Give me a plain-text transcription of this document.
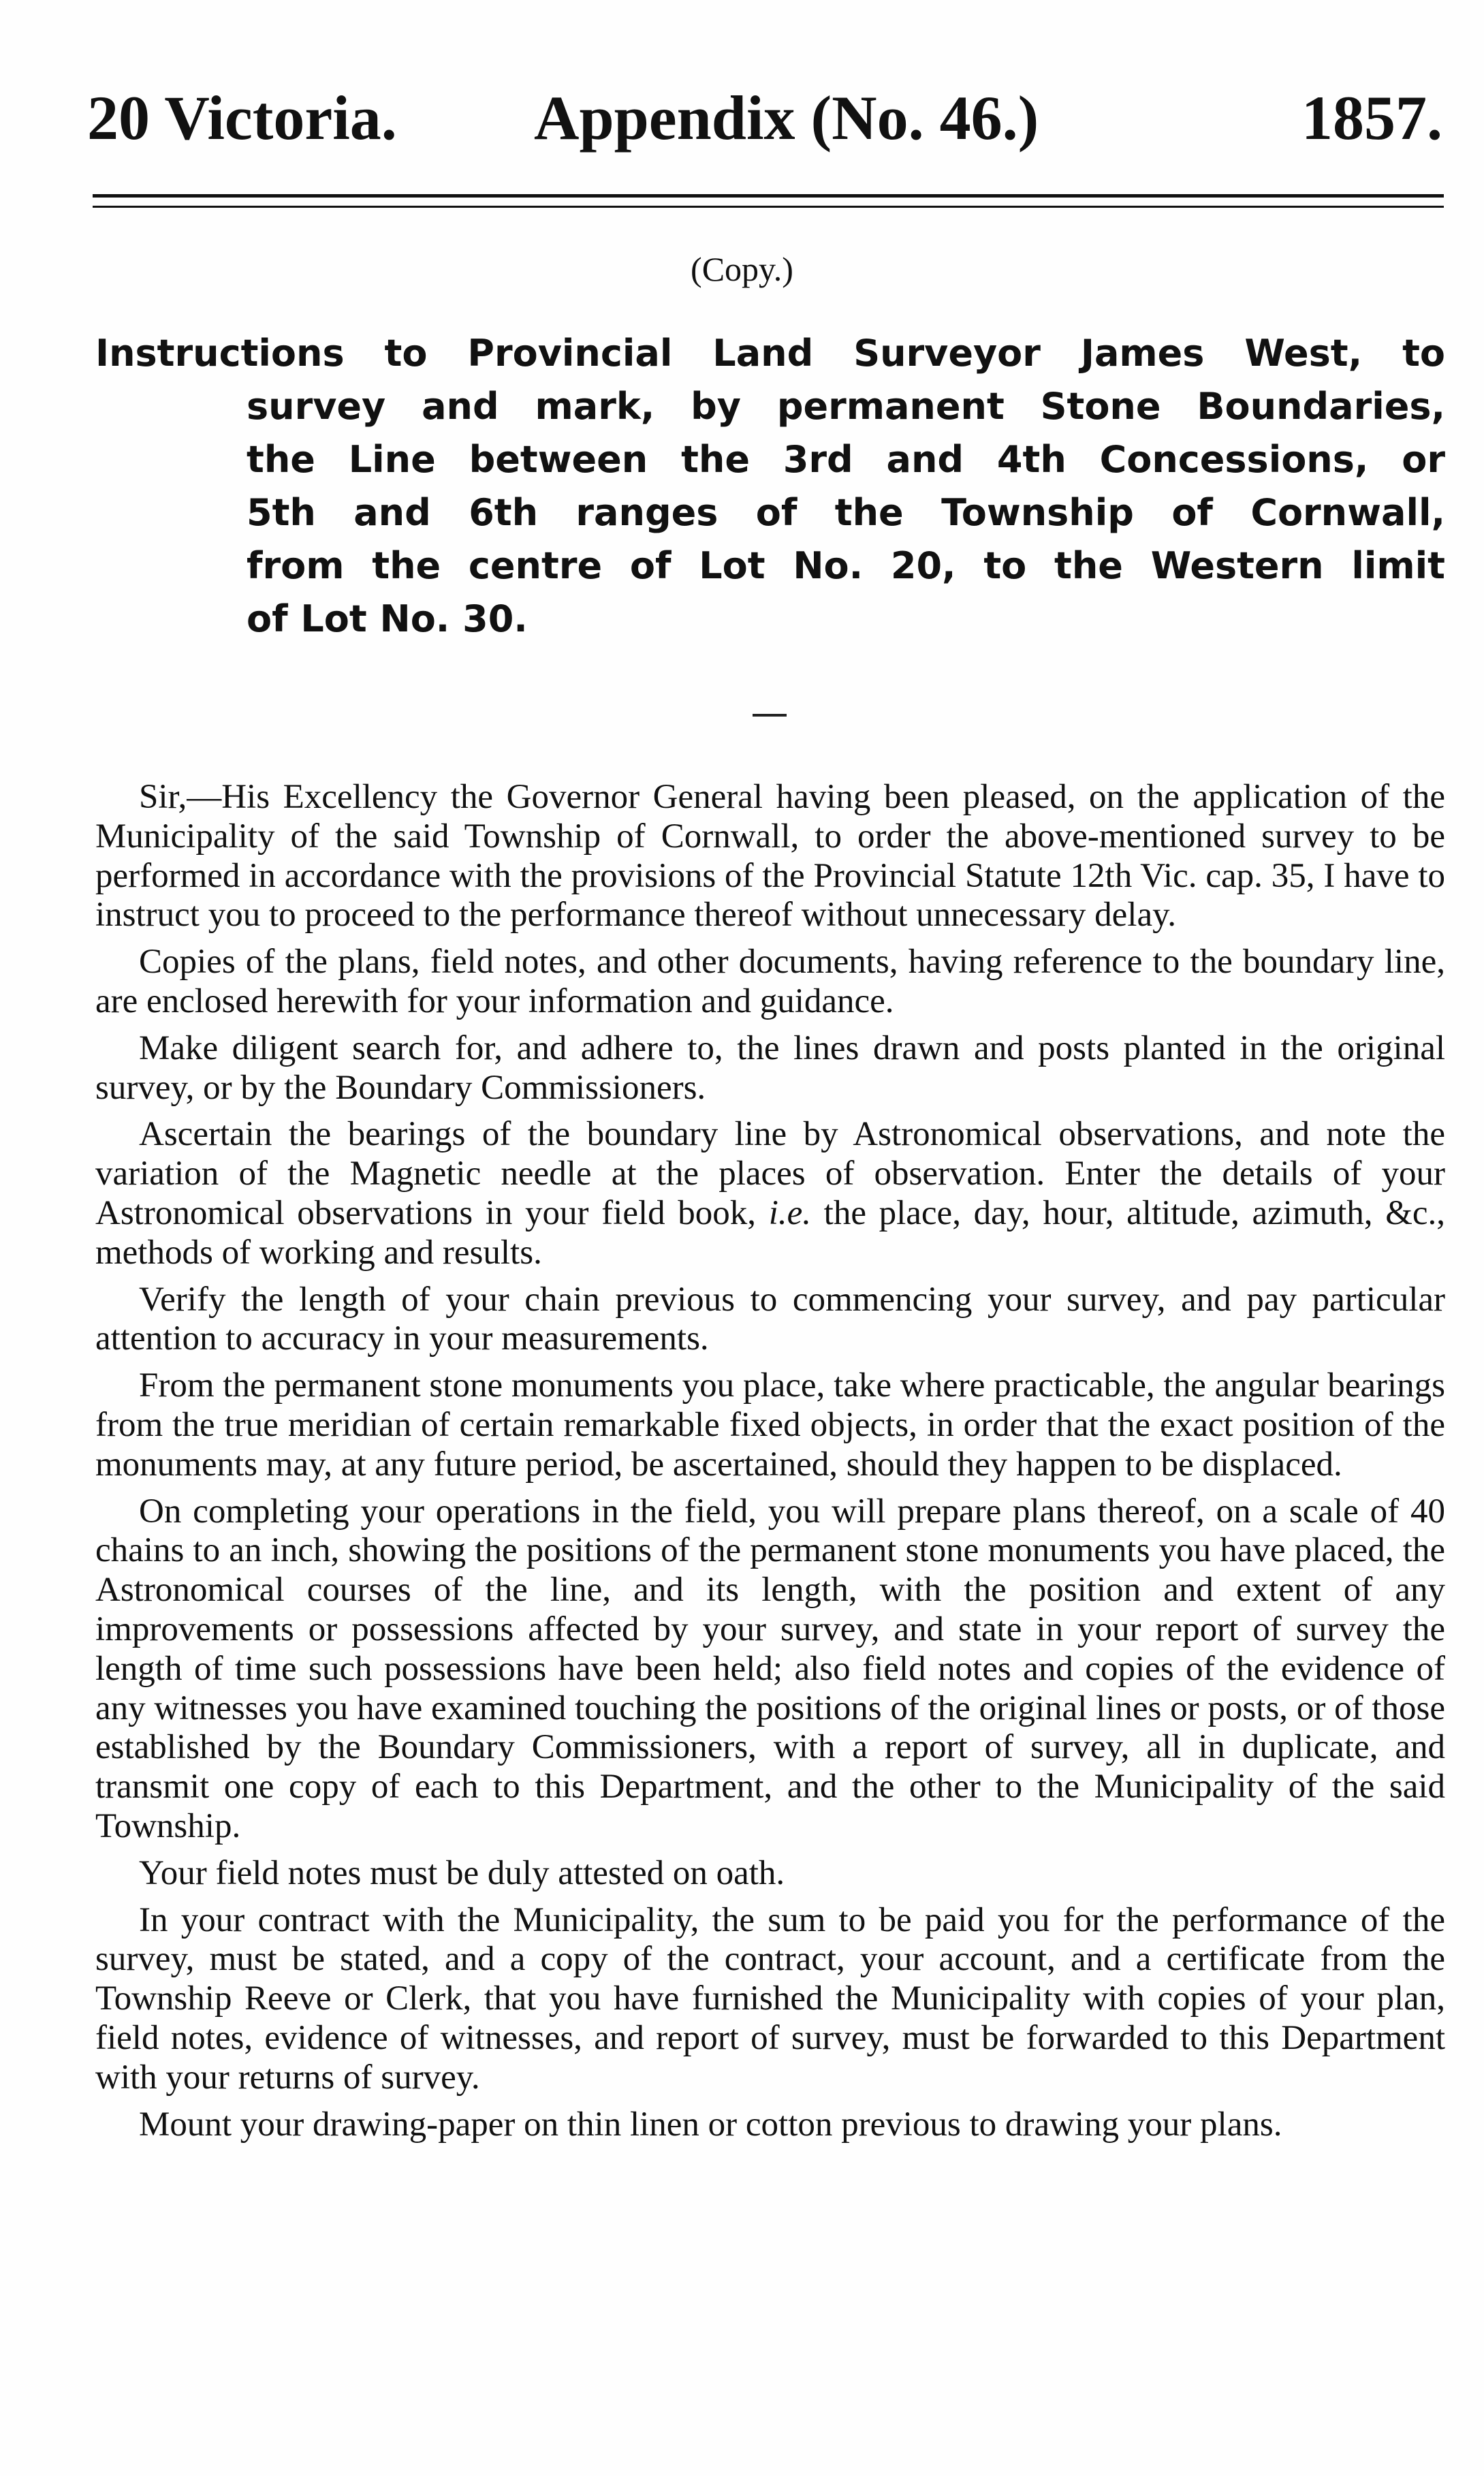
20 Victoria. Appendix (No. 46.)	1857.
(Copy.)
Instructions to Provincial Land Surveyor James West, to
survey and mark, by permanent Stone Boundaries,
the Line between the 3rd and 4th Concessions, or
5th and 6th ranges of the Township of Cornwall,
from the centre of Lot No. 20, to the Western limit
of Lot No. 30.

Sir,—His Excellency the Governor General having been pleased, on the application of the Municipality of the said Township of Cornwall, to order the above-mentioned survey to be performed in accordance with the provisions of the Provincial Statute 12th Vic. cap. 35, I have to instruct you to proceed to the performance thereof without unnecessary delay.

Copies of the plans, field notes, and other documents, having reference to the boundary line, are enclosed herewith for your information and guidance.

Make diligent search for, and adhere to, the lines drawn and posts planted in the original survey, or by the Boundary Commissioners.

Ascertain the bearings of the boundary line by Astronomical observations, and note the variation of the Magnetic needle at the places of observation. Enter the details of your Astronomical observations in your field book, i.e. the place, day, hour, altitude, azimuth, &c., methods of working and results.

Verify the length of your chain previous to commencing your survey, and pay particular attention to accuracy in your measurements.

From the permanent stone monuments you place, take where practicable, the angular bearings from the true meridian of certain remarkable fixed objects, in order that the exact position of the monuments may, at any future period, be ascertained, should they happen to be displaced.

On completing your operations in the field, you will prepare plans thereof, on a scale of 40 chains to an inch, showing the positions of the permanent stone monuments you have placed, the Astronomical courses of the line, and its length, with the position and extent of any improvements or possessions affected by your survey, and state in your report of survey the length of time such possessions have been held; also field notes and copies of the evidence of any witnesses you have examined touching the positions of the original lines or posts, or of those established by the Boundary Commissioners, with a report of survey, all in duplicate, and transmit one copy of each to this Department, and the other to the Municipality of the said Township.

Your field notes must be duly attested on oath.

In your contract with the Municipality, the sum to be paid you for the performance of the survey, must be stated, and a copy of the contract, your account, and a certificate from the Township Reeve or Clerk, that you have furnished the Municipality with copies of your plan, field notes, evidence of witnesses, and report of survey, must be forwarded to this Department with your returns of survey.

Mount your drawing-paper on thin linen or cotton previous to drawing your plans.
